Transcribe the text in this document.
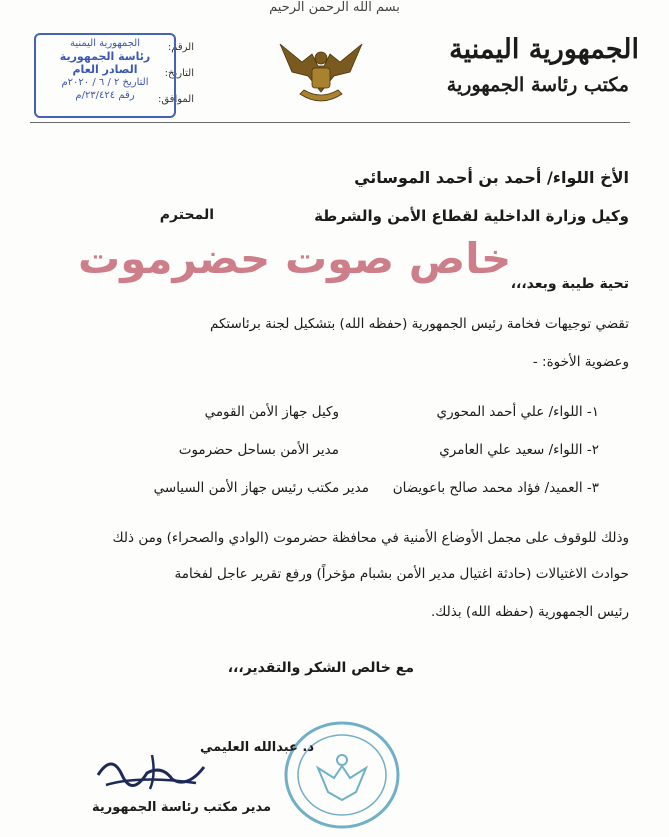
بسم الله الرحمن الرحيم
الجمهورية اليمنية
مكتب رئاسة الجمهورية
الرقم:
التاريخ:
الموافق:
الجمهورية اليمنية
رئاسة الجمهورية
الصادر العام
التاريخ ٢ / ٦ / ٢٠٢٠م
رقم ٢٣/٤٢٤/م
الأخ اللواء/ أحمد بن أحمد الموسائي
وكيل وزارة الداخلية لقطاع الأمن والشرطة
المحترم
خاص صوت حضرموت
تحية طيبة وبعد،،،
تقضي توجيهات فخامة رئيس الجمهورية (حفظه الله) بتشكيل لجنة برئاستكم
وعضوية الأخوة: -
١- اللواء/ علي أحمد المحوري
وكيل جهاز الأمن القومي
٢- اللواء/ سعيد علي العامري
مدير الأمن بساحل حضرموت
٣- العميد/ فؤاد محمد صالح باعويضان
مدير مكتب رئيس جهاز الأمن السياسي
وذلك للوقوف على مجمل الأوضاع الأمنية في محافظة حضرموت (الوادي والصحراء) ومن ذلك
حوادث الاغتيالات (حادثة اغتيال مدير الأمن بشبام مؤخراً) ورفع تقرير عاجل لفخامة
رئيس الجمهورية (حفظه الله) بذلك.
مع خالص الشكر والتقدير،،،
د. عبدالله العليمي
مدير مكتب رئاسة الجمهورية
